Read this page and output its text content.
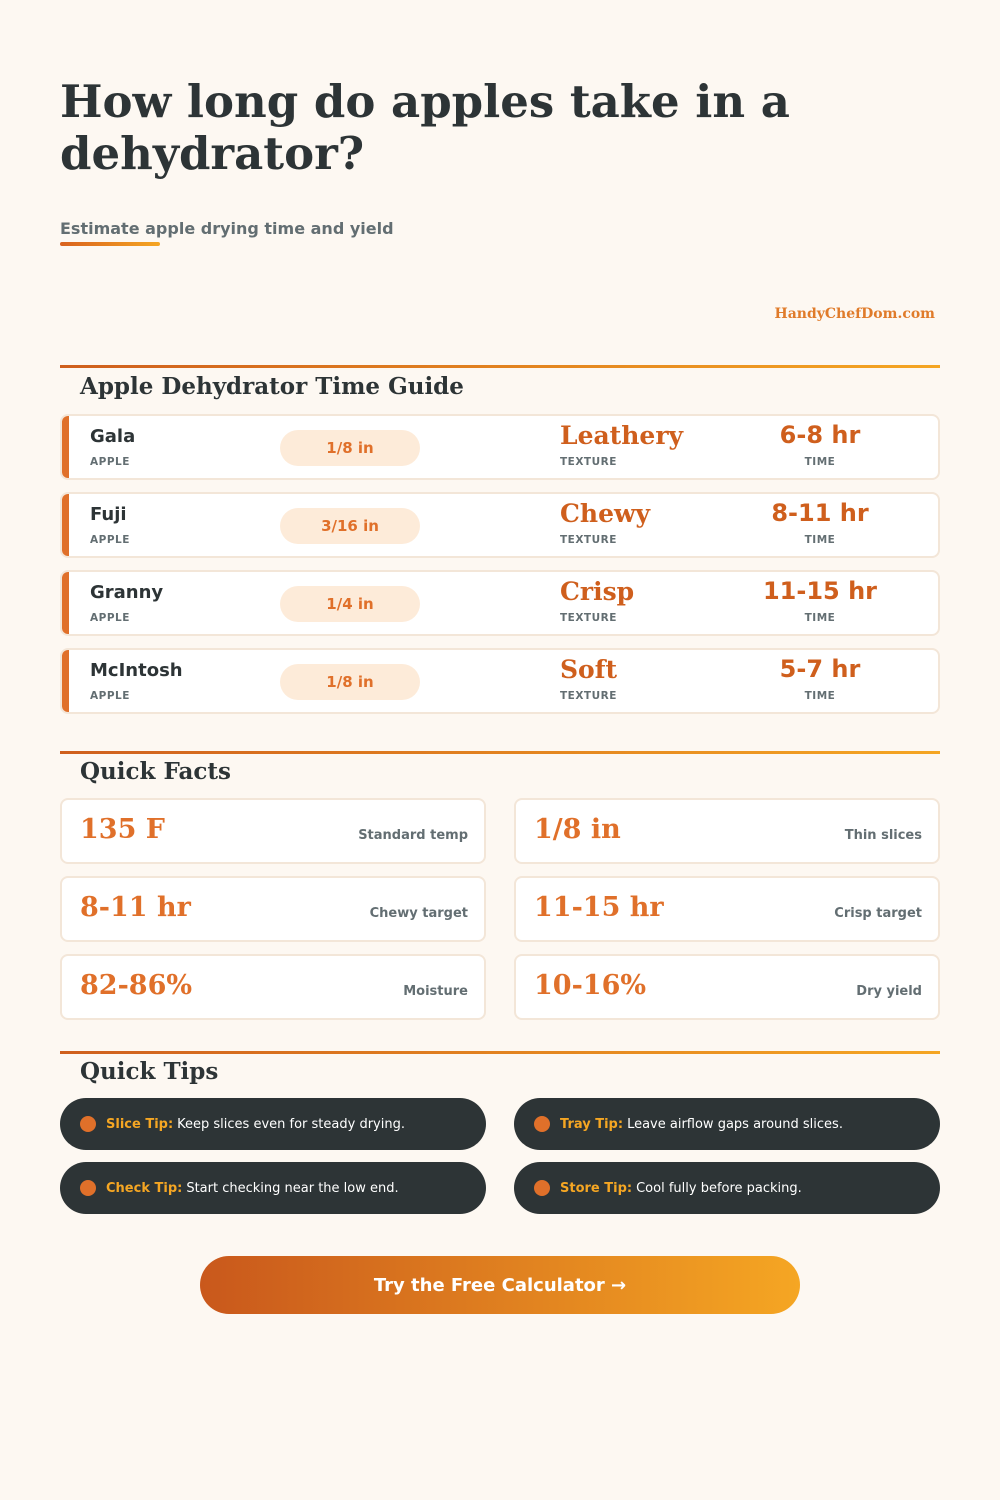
How long do apples take in a dehydrator?
Estimate apple drying time and yield
HandyChefDom.com
Apple Dehydrator Time Guide
Gala
APPLE
1/8 in	Leathery
TEXTURE
6-8 hr
TIME
Fuji
APPLE
3/16 in	Chewy
TEXTURE
8-11 hr
TIME
Granny
APPLE
1/4 in	Crisp
TEXTURE
11-15 hr
TIME
McIntosh
APPLE
1/8 in	Soft
TEXTURE
5-7 hr
TIME
Quick Facts
135 F	Standard temp 1/8 in	Thin slices
8-11 hr	Chewy target 11-15 hr	Crisp target
82-86%	Moisture 10-16%	Dry yield
Quick Tips
Slice Tip: Keep slices even for steady drying.	Tray Tip: Leave airflow gaps around slices.
Check Tip: Start checking near the low end.	Store Tip: Cool fully before packing.
Try the Free Calculator →
